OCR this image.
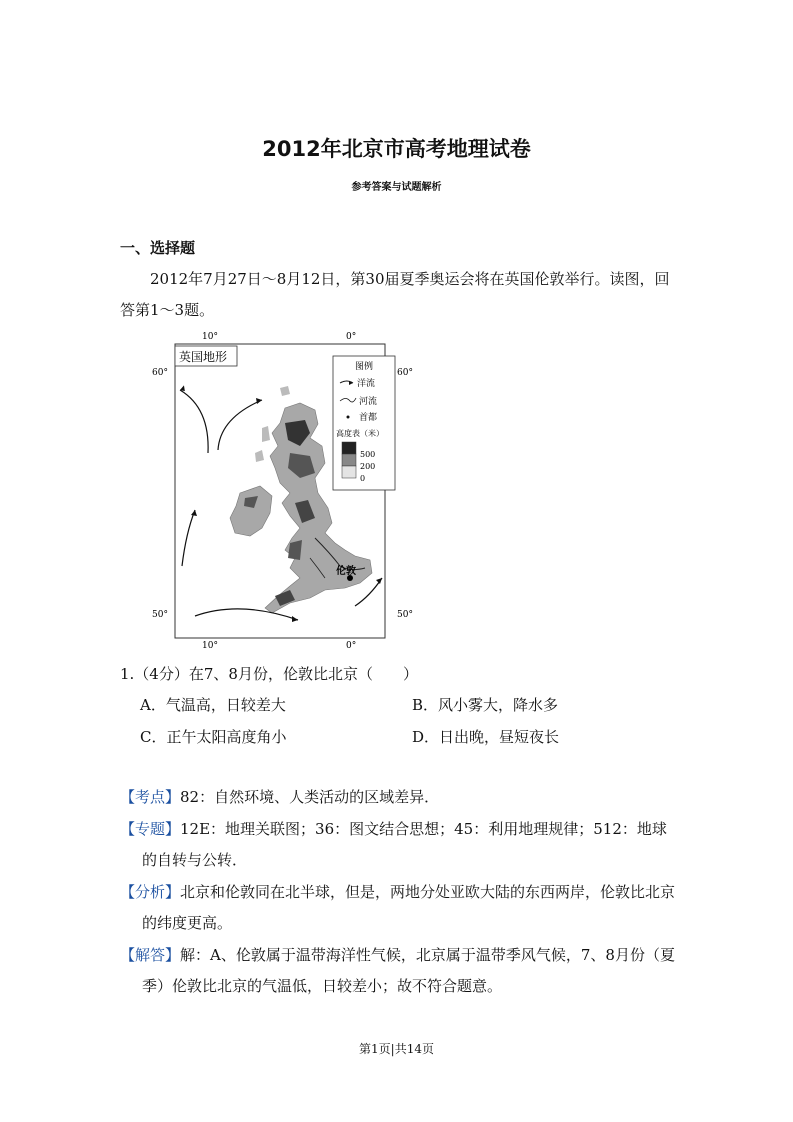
2012年北京市高考地理试卷
参考答案与试题解析
一、选择题
2012年7月27日～8月12日，第30届夏季奥运会将在英国伦敦举行。读图，回答第1～3题。
10°	0°
10°	0°
60°	60°
50°	50°
英国地形
伦敦
图例
洋流
河流
首都
高度表（米）
500
200
0
1.（4分）在7、8月份，伦敦比北京（　　）
A．气温高，日较差大	B．风小雾大，降水多
C．正午太阳高度角小	D．日出晚，昼短夜长
【考点】82：自然环境、人类活动的区域差异．
【专题】12E：地理关联图；36：图文结合思想；45：利用地理规律；512：地球的自转与公转．
【分析】北京和伦敦同在北半球，但是，两地分处亚欧大陆的东西两岸，伦敦比北京的纬度更高。
【解答】解：A、伦敦属于温带海洋性气候，北京属于温带季风气候，7、8月份（夏季）伦敦比北京的气温低，日较差小；故不符合题意。
第1页|共14页
